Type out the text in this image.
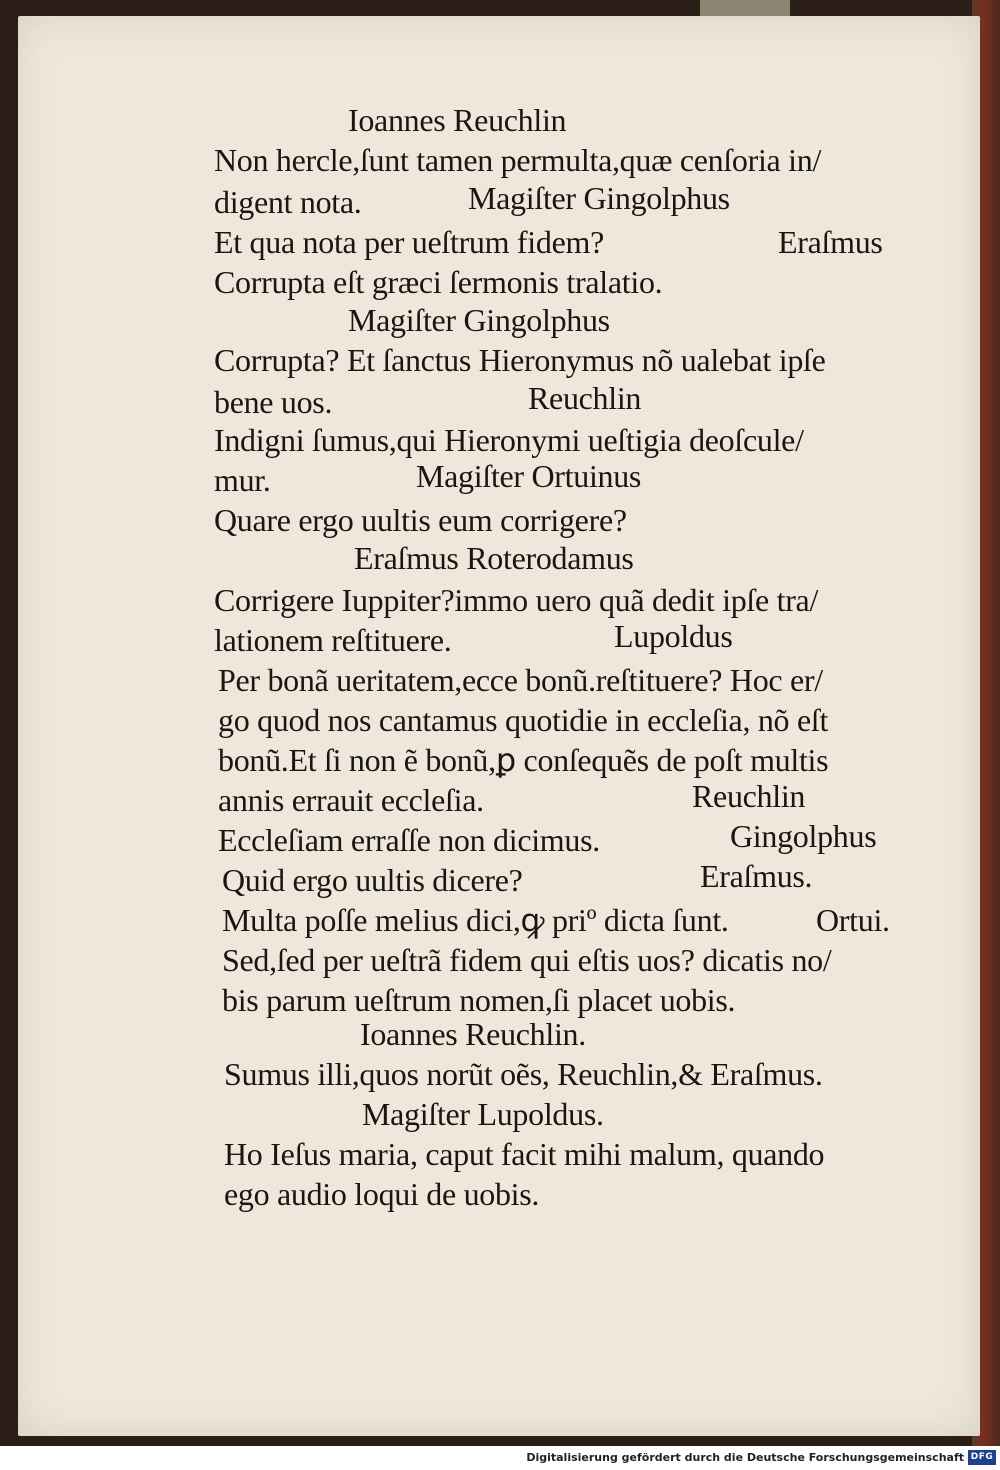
Ioannes Reuchlin
Non hercle,ſunt tamen permulta,quæ cenſoria in/
digent nota.	Magiſter Gingolphus
Et qua nota per ueſtrum fidem?	Eraſmus
Corrupta eſt græci ſermonis tralatio.
Magiſter Gingolphus
Corrupta? Et ſanctus Hieronymus nõ ualebat ipſe
bene uos.	Reuchlin
Indigni ſumus,qui Hieronymi ueſtigia deoſcule/
mur.	Magiſter Ortuinus
Quare ergo uultis eum corrigere?
Eraſmus Roterodamus
Corrigere Iuppiter?immo uero quã dedit ipſe tra/
lationem reſtituere.	Lupoldus
Per bonã ueritatem,ecce bonũ.reſtituere? Hoc er/
go quod nos cantamus quotidie in eccleſia, nõ eſt
bonũ.Et ſi non ẽ bonũ,ꝑ conſequẽs de poſt multis
annis errauit eccleſia.	Reuchlin
Eccleſiam erraſſe non dicimus.	Gingolphus
Quid ergo uultis dicere?	Eraſmus.
Multa poſſe melius dici,ꝙ priº dicta ſunt.	Ortui.
Sed,ſed per ueſtrã fidem qui eſtis uos? dicatis no/
bis parum ueſtrum nomen,ſi placet uobis.
Ioannes Reuchlin.
Sumus illi,quos norũt oẽs, Reuchlin,& Eraſmus.
Magiſter Lupoldus.
Ho Ieſus maria, caput facit mihi malum, quando
ego audio loqui de uobis.
Digitalisierung gefördert durch die Deutsche Forschungsgemeinschaft DFG
